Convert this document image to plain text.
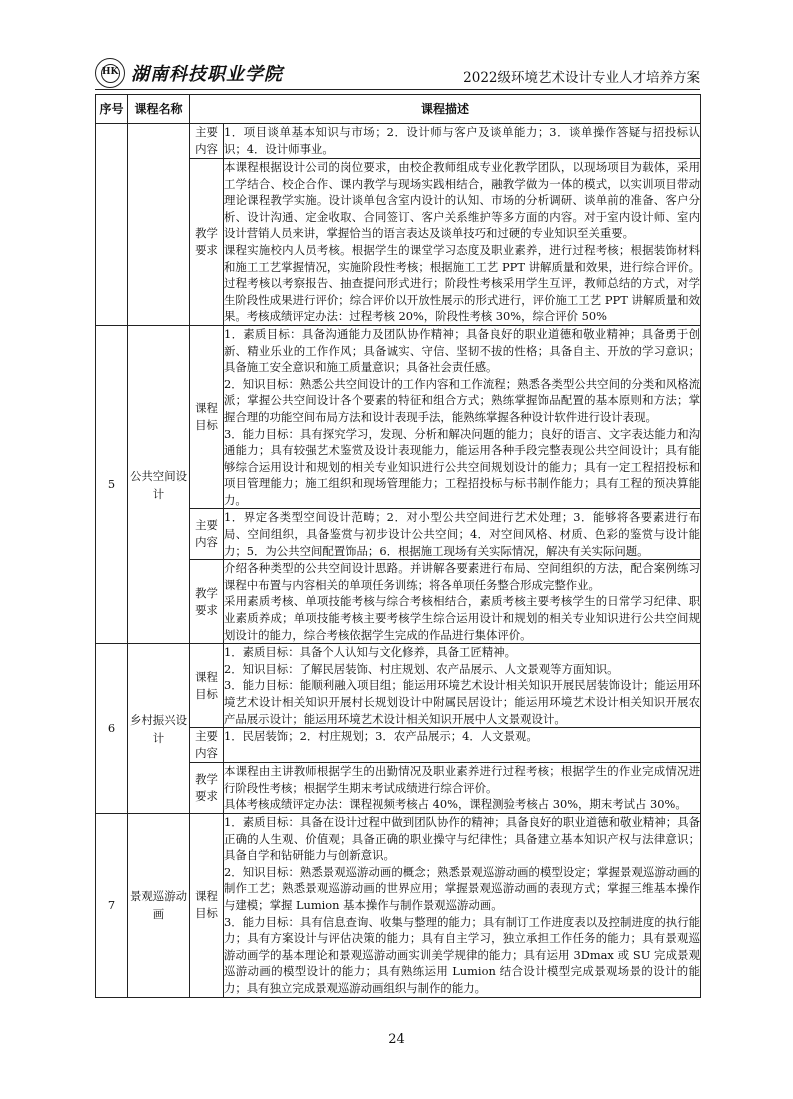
HK 湖南科技职业学院	2022级环境艺术设计专业人才培养方案
序号	课程名称	课程描述	
		主要内容	1．项目谈单基本知识与市场；2．设计师与客户及谈单能力；3．谈单操作答疑与招投标认识；4．设计师事业。

		教学要求	本课程根据设计公司的岗位要求，由校企教师组成专业化教学团队，以现场项目为载体，采用工学结合、校企合作、课内教学与现场实践相结合，融教学做为一体的模式，以实训项目带动理论课程教学实施。设计谈单包含室内设计的认知、市场的分析调研、谈单前的准备、客户分析、设计沟通、定金收取、合同签订、客户关系维护等多方面的内容。对于室内设计师、室内设计营销人员来讲，掌握恰当的语言表达及谈单技巧和过硬的专业知识至关重要。

课程实施校内人员考核。根据学生的课堂学习态度及职业素养，进行过程考核；根据装饰材料和施工工艺掌握情况，实施阶段性考核；根据施工工艺 PPT 讲解质量和效果，进行综合评价。过程考核以考察报告、抽查提问形式进行；阶段性考核采用学生互评，教师总结的方式，对学生阶段性成果进行评价；综合评价以开放性展示的形式进行，评价施工工艺 PPT 讲解质量和效果。考核成绩评定办法：过程考核 20%，阶段性考核 30%，综合评价 50%

5	公共空间设计	课程目标	1．素质目标：具备沟通能力及团队协作精神；具备良好的职业道德和敬业精神；具备勇于创新、精业乐业的工作作风；具备诚实、守信、坚韧不拔的性格；具备自主、开放的学习意识；具备施工安全意识和施工质量意识；具备社会责任感。

2．知识目标：熟悉公共空间设计的工作内容和工作流程；熟悉各类型公共空间的分类和风格流派；掌握公共空间设计各个要素的特征和组合方式；熟练掌握饰品配置的基本原则和方法；掌握合理的功能空间布局方法和设计表现手法，能熟练掌握各种设计软件进行设计表现。

3．能力目标：具有探究学习，发现、分析和解决问题的能力；良好的语言、文字表达能力和沟通能力；具有较强艺术鉴赏及设计表现能力，能运用各种手段完整表现公共空间设计；具有能够综合运用设计和规划的相关专业知识进行公共空间规划设计的能力；具有一定工程招投标和项目管理能力；施工组织和现场管理能力；工程招投标与标书制作能力；具有工程的预决算能力。

		主要内容	1．界定各类型空间设计范畴；2．对小型公共空间进行艺术处理；3．能够将各要素进行布局、空间组织，具备鉴赏与初步设计公共空间；4．对空间风格、材质、色彩的鉴赏与设计能力；5．为公共空间配置饰品；6．根据施工现场有关实际情况，解决有关实际问题。

		教学要求	介绍各种类型的公共空间设计思路。并讲解各要素进行布局、空间组织的方法，配合案例练习课程中布置与内容相关的单项任务训练；将各单项任务整合形成完整作业。

采用素质考核、单项技能考核与综合考核相结合，素质考核主要考核学生的日常学习纪律、职业素质养成；单项技能考核主要考核学生综合运用设计和规划的相关专业知识进行公共空间规划设计的能力，综合考核依据学生完成的作品进行集体评价。

6	乡村振兴设计	课程目标	1．素质目标：具备个人认知与文化修养，具备工匠精神。

2．知识目标：了解民居装饰、村庄规划、农产品展示、人文景观等方面知识。

3．能力目标：能顺利融入项目组；能运用环境艺术设计相关知识开展民居装饰设计；能运用环境艺术设计相关知识开展村长规划设计中附属民居设计；能运用环境艺术设计相关知识开展农产品展示设计；能运用环境艺术设计相关知识开展中人文景观设计。

		主要内容	1．民居装饰；2．村庄规划；3．农产品展示；4．人文景观。

		教学要求	本课程由主讲教师根据学生的出勤情况及职业素养进行过程考核；根据学生的作业完成情况进行阶段性考核；根据学生期末考试成绩进行综合评价。

具体考核成绩评定办法：课程视频考核占 40%，课程测验考核占 30%，期末考试占 30%。

7	景观巡游动画	课程目标	1．素质目标：具备在设计过程中做到团队协作的精神；具备良好的职业道德和敬业精神；具备正确的人生观、价值观；具备正确的职业操守与纪律性；具备建立基本知识产权与法律意识；具备自学和钻研能力与创新意识。

2．知识目标：熟悉景观巡游动画的概念；熟悉景观巡游动画的模型设定；掌握景观巡游动画的制作工艺；熟悉景观巡游动画的世界应用；掌握景观巡游动画的表现方式；掌握三维基本操作与建模；掌握 Lumion 基本操作与制作景观巡游动画。

3．能力目标：具有信息查询、收集与整理的能力；具有制订工作进度表以及控制进度的执行能力；具有方案设计与评估决策的能力；具有自主学习，独立承担工作任务的能力；具有景观巡游动画学的基本理论和景观巡游动画实训美学规律的能力；具有运用 3Dmax 或 SU 完成景观巡游动画的模型设计的能力；具有熟练运用 Lumion 结合设计模型完成景观场景的设计的能力；具有独立完成景观巡游动画组织与制作的能力。

24
